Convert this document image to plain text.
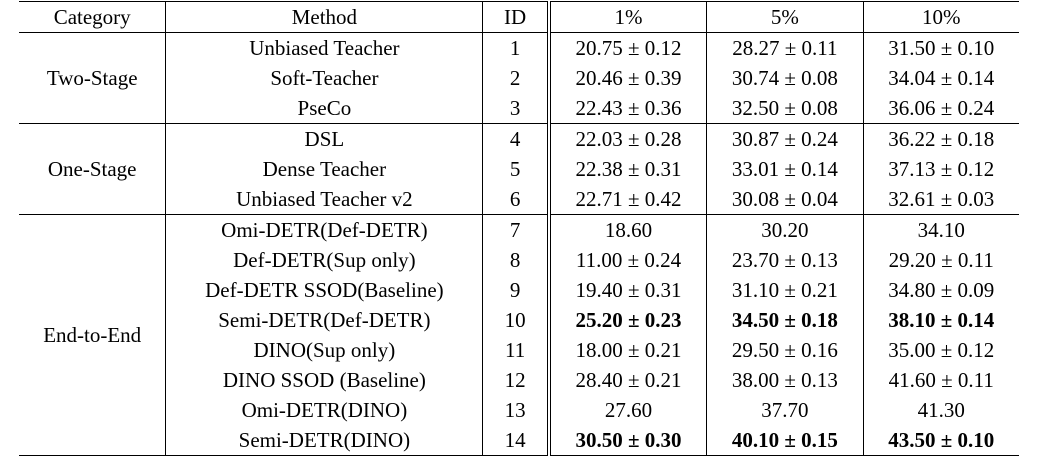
Category	Method	ID	1%	5%	10%
Two-Stage	Unbiased Teacher	1	20.75 ± 0.12	28.27 ± 0.11	31.50 ± 0.10
	Soft-Teacher	2	20.46 ± 0.39	30.74 ± 0.08	34.04 ± 0.14
	PseCo	3	22.43 ± 0.36	32.50 ± 0.08	36.06 ± 0.24
One-Stage	DSL	4	22.03 ± 0.28	30.87 ± 0.24	36.22 ± 0.18
	Dense Teacher	5	22.38 ± 0.31	33.01 ± 0.14	37.13 ± 0.12
	Unbiased Teacher v2	6	22.71 ± 0.42	30.08 ± 0.04	32.61 ± 0.03
End-to-End	Omi-DETR(Def-DETR)	7	18.60	30.20	34.10
	Def-DETR(Sup only)	8	11.00 ± 0.24	23.70 ± 0.13	29.20 ± 0.11
	Def-DETR SSOD(Baseline)	9	19.40 ± 0.31	31.10 ± 0.21	34.80 ± 0.09
	Semi-DETR(Def-DETR)	10	25.20 ± 0.23	34.50 ± 0.18	38.10 ± 0.14
	DINO(Sup only)	11	18.00 ± 0.21	29.50 ± 0.16	35.00 ± 0.12
	DINO SSOD (Baseline)	12	28.40 ± 0.21	38.00 ± 0.13	41.60 ± 0.11
	Omi-DETR(DINO)	13	27.60	37.70	41.30
	Semi-DETR(DINO)	14	30.50 ± 0.30	40.10 ± 0.15	43.50 ± 0.10
